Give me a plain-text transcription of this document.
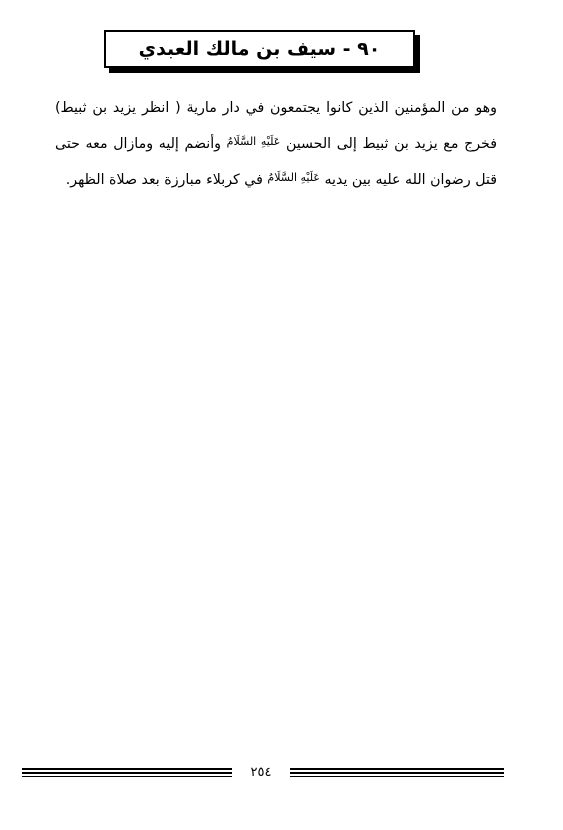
٩٠ - سيف بن مالك العبدي

وهو من المؤمنين الذين كانوا يجتمعون في دار مارية ( انظر يزيد بن ثبيط) فخرج مع يزيد بن ثبيط إلى الحسين $^{عَلَيْهِ السَّلَامُ}$ وأنضم إليه ومازال معه حتى قتل رضوان الله عليه بين يديه $^{عَلَيْهِ السَّلَامُ}$ في كربلاء مبارزة بعد صلاة الظهر.

٢٥٤
